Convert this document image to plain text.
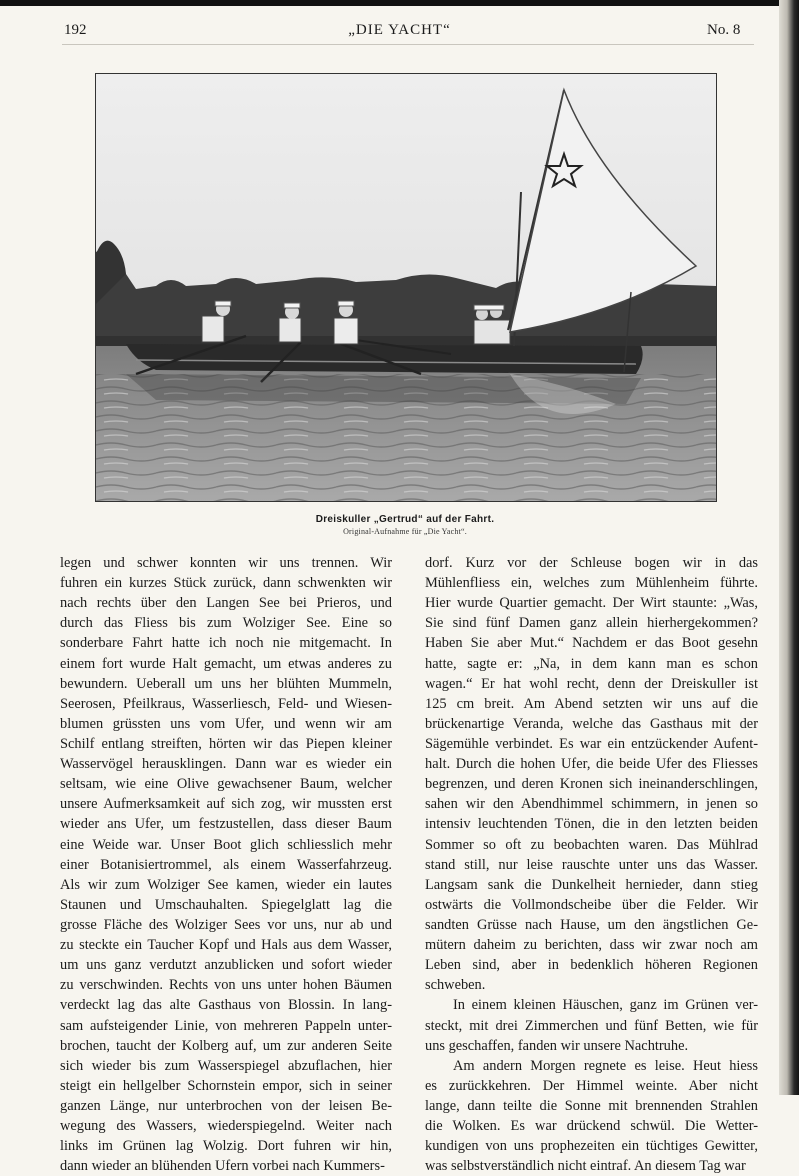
192	„DIE YACHT“	No. 8
Dreiskuller „Gertrud“ auf der Fahrt.
Original-Aufnahme für „Die Yacht“.
legen und schwer konnten wir uns trennen. Wir
fuhren ein kurzes Stück zurück, dann schwenkten wir
nach rechts über den Langen See bei Prieros, und
durch das Fliess bis zum Wolziger See. Eine so
sonderbare Fahrt hatte ich noch nie mitgemacht. In
einem fort wurde Halt gemacht, um etwas anderes zu
bewundern. Ueberall um uns her blühten Mummeln,
Seerosen, Pfeilkraus, Wasserliesch, Feld- und Wiesen-
blumen grüssten uns vom Ufer, und wenn wir am
Schilf entlang streiften, hörten wir das Piepen kleiner
Wasservögel herausklingen. Dann war es wieder ein
seltsam, wie eine Olive gewachsener Baum, welcher
unsere Aufmerksamkeit auf sich zog, wir mussten erst
wieder ans Ufer, um festzustellen, dass dieser Baum
eine Weide war. Unser Boot glich schliesslich mehr
einer Botanisiertrommel, als einem Wasserfahrzeug.
Als wir zum Wolziger See kamen, wieder ein lautes
Staunen und Umschauhalten. Spiegelglatt lag die
grosse Fläche des Wolziger Sees vor uns, nur ab und
zu steckte ein Taucher Kopf und Hals aus dem Wasser,
um uns ganz verdutzt anzublicken und sofort wieder
zu verschwinden. Rechts von uns unter hohen Bäumen
verdeckt lag das alte Gasthaus von Blossin. In lang-
sam aufsteigender Linie, von mehreren Pappeln unter-
brochen, taucht der Kolberg auf, um zur anderen Seite
sich wieder bis zum Wasserspiegel abzuflachen, hier
steigt ein hellgelber Schornstein empor, sich in seiner
ganzen Länge, nur unterbrochen von der leisen Be-
wegung des Wassers, wiederspiegelnd. Weiter nach
links im Grünen lag Wolzig. Dort fuhren wir hin,
dann wieder an blühenden Ufern vorbei nach Kummers-
dorf. Kurz vor der Schleuse bogen wir in das
Mühlenfliess ein, welches zum Mühlenheim führte.
Hier wurde Quartier gemacht. Der Wirt staunte: „Was,
Sie sind fünf Damen ganz allein hierhergekommen?
Haben Sie aber Mut.“ Nachdem er das Boot gesehn
hatte, sagte er: „Na, in dem kann man es schon
wagen.“ Er hat wohl recht, denn der Dreiskuller ist
125 cm breit. Am Abend setzten wir uns auf die
brückenartige Veranda, welche das Gasthaus mit der
Sägemühle verbindet. Es war ein entzückender Aufent-
halt. Durch die hohen Ufer, die beide Ufer des Fliesses
begrenzen, und deren Kronen sich ineinanderschlingen,
sahen wir den Abendhimmel schimmern, in jenen so
intensiv leuchtenden Tönen, die in den letzten beiden
Sommer so oft zu beobachten waren. Das Mühlrad
stand still, nur leise rauschte unter uns das Wasser.
Langsam sank die Dunkelheit hernieder, dann stieg
ostwärts die Vollmondscheibe über die Felder. Wir
sandten Grüsse nach Hause, um den ängstlichen Ge-
mütern daheim zu berichten, dass wir zwar noch am
Leben sind, aber in bedenklich höheren Regionen
schweben.
In einem kleinen Häuschen, ganz im Grünen ver-
steckt, mit drei Zimmerchen und fünf Betten, wie für
uns geschaffen, fanden wir unsere Nachtruhe.
Am andern Morgen regnete es leise. Heut hiess
es zurückkehren. Der Himmel weinte. Aber nicht
lange, dann teilte die Sonne mit brennenden Strahlen
die Wolken. Es war drückend schwül. Die Wetter-
kundigen von uns prophezeiten ein tüchtiges Gewitter,
was selbstverständlich nicht eintraf. An diesem Tag war
